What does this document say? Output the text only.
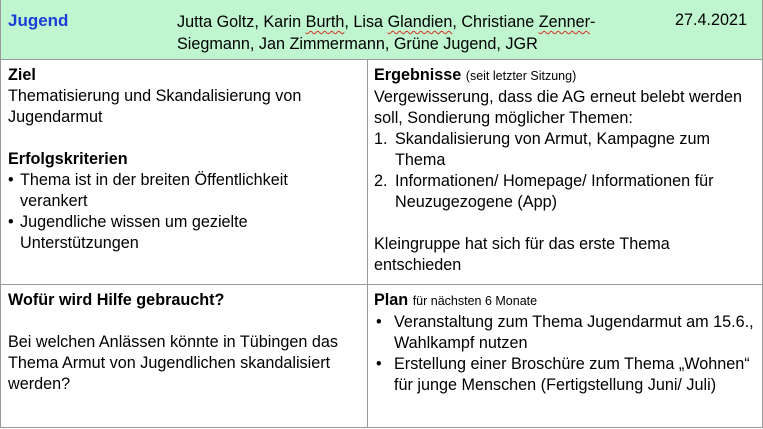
Jugend	Jutta Goltz, Karin Burth, Lisa Glandien, Christiane Zenner-Siegmann, Jan Zimmermann, Grüne Jugend, JGR
27.4.2021
Ziel
Thematisierung und Skandalisierung von Jugendarmut
Erfolgskriterien
• Thema ist in der breiten Öffentlichkeit verankert
• Jugendliche wissen um gezielte Unterstützungen
Ergebnisse (seit letzter Sitzung)
Vergewisserung, dass die AG erneut belebt werden soll, Sondierung möglicher Themen:
1. Skandalisierung von Armut, Kampagne zum Thema
2. Informationen/ Homepage/ Informationen für Neuzugezogene (App)
Kleingruppe hat sich für das erste Thema entschieden
Wofür wird Hilfe gebraucht?
Bei welchen Anlässen könnte in Tübingen das Thema Armut von Jugendlichen skandalisiert werden?
Plan für nächsten 6 Monate
• Veranstaltung zum Thema Jugendarmut am 15.6., Wahlkampf nutzen
• Erstellung einer Broschüre zum Thema „Wohnen“ für junge Menschen (Fertigstellung Juni/ Juli)
